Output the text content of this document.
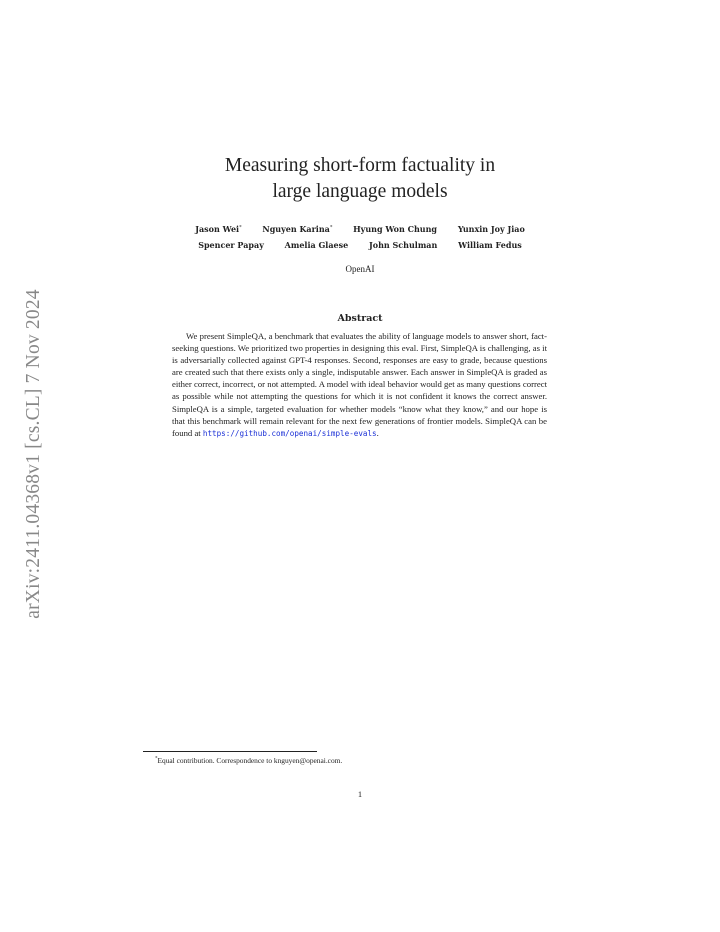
arXiv:2411.04368v1 [cs.CL] 7 Nov 2024
Measuring short-form factuality in
large language models
Jason Wei*	Nguyen Karina*	Hyung Won Chung	Yunxin Joy Jiao
Spencer Papay	Amelia Glaese	John Schulman	William Fedus
OpenAI
Abstract
We present SimpleQA, a benchmark that evaluates the ability of language models to answer short, fact-seeking questions. We prioritized two properties in designing this eval. First, SimpleQA is challenging, as it is adversarially collected against GPT-4 responses. Second, responses are easy to grade, because questions are created such that there exists only a single, indisputable answer. Each answer in SimpleQA is graded as either correct, incorrect, or not attempted. A model with ideal behavior would get as many questions correct as possible while not attempting the questions for which it is not confident it knows the correct answer. SimpleQA is a simple, targeted evaluation for whether models “know what they know,” and our hope is that this benchmark will remain relevant for the next few generations of frontier models. SimpleQA can be found at https://github.com/openai/simple-evals.
*Equal contribution. Correspondence to knguyen@openai.com.
1
